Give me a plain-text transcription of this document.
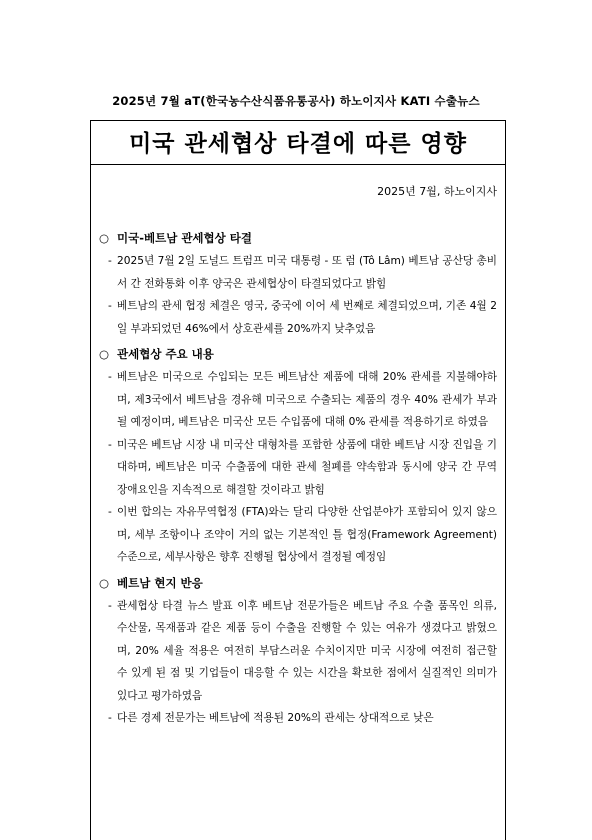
2025년 7월 aT(한국농수산식품유통공사) 하노이지사 KATI 수출뉴스
미국 관세협상 타결에 따른 영향
2025년 7월, 하노이지사
○ 미국-베트남 관세협상 타결
- 2025년 7월 2일 도널드 트럼프 미국 대통령 - 또 럼 (Tô Lâm) 베트남 공산당 총비서 간 전화통화 이후 양국은 관세협상이 타결되었다고 밝힘
- 베트남의 관세 협정 체결은 영국, 중국에 이어 세 번째로 체결되었으며, 기존 4월 2일 부과되었던 46%에서 상호관세를 20%까지 낮추었음
○ 관세협상 주요 내용
- 베트남은 미국으로 수입되는 모든 베트남산 제품에 대해 20% 관세를 지불해야하며, 제3국에서 베트남을 경유해 미국으로 수출되는 제품의 경우 40% 관세가 부과될 예정이며, 베트남은 미국산 모든 수입품에 대해 0% 관세를 적용하기로 하였음
- 미국은 베트남 시장 내 미국산 대형차를 포함한 상품에 대한 베트남 시장 진입을 기대하며, 베트남은 미국 수출품에 대한 관세 철폐를 약속함과 동시에 양국 간 무역 장애요인을 지속적으로 해결할 것이라고 밝힘
- 이번 합의는 자유무역협정 (FTA)와는 달리 다양한 산업분야가 포함되어 있지 않으며, 세부 조항이나 조약이 거의 없는 기본적인 틀 협정(Framework Agreement) 수준으로, 세부사항은 향후 진행될 협상에서 결정될 예정임
○ 베트남 현지 반응
- 관세협상 타결 뉴스 발표 이후 베트남 전문가들은 베트남 주요 수출 품목인 의류, 수산물, 목재품과 같은 제품 등이 수출을 진행할 수 있는 여유가 생겼다고 밝혔으며, 20% 세율 적용은 여전히 부담스러운 수치이지만 미국 시장에 여전히 접근할 수 있게 된 점 및 기업들이 대응할 수 있는 시간을 확보한 점에서 실질적인 의미가 있다고 평가하였음
- 다른 경제 전문가는 베트남에 적용된 20%의 관세는 상대적으로 낮은
